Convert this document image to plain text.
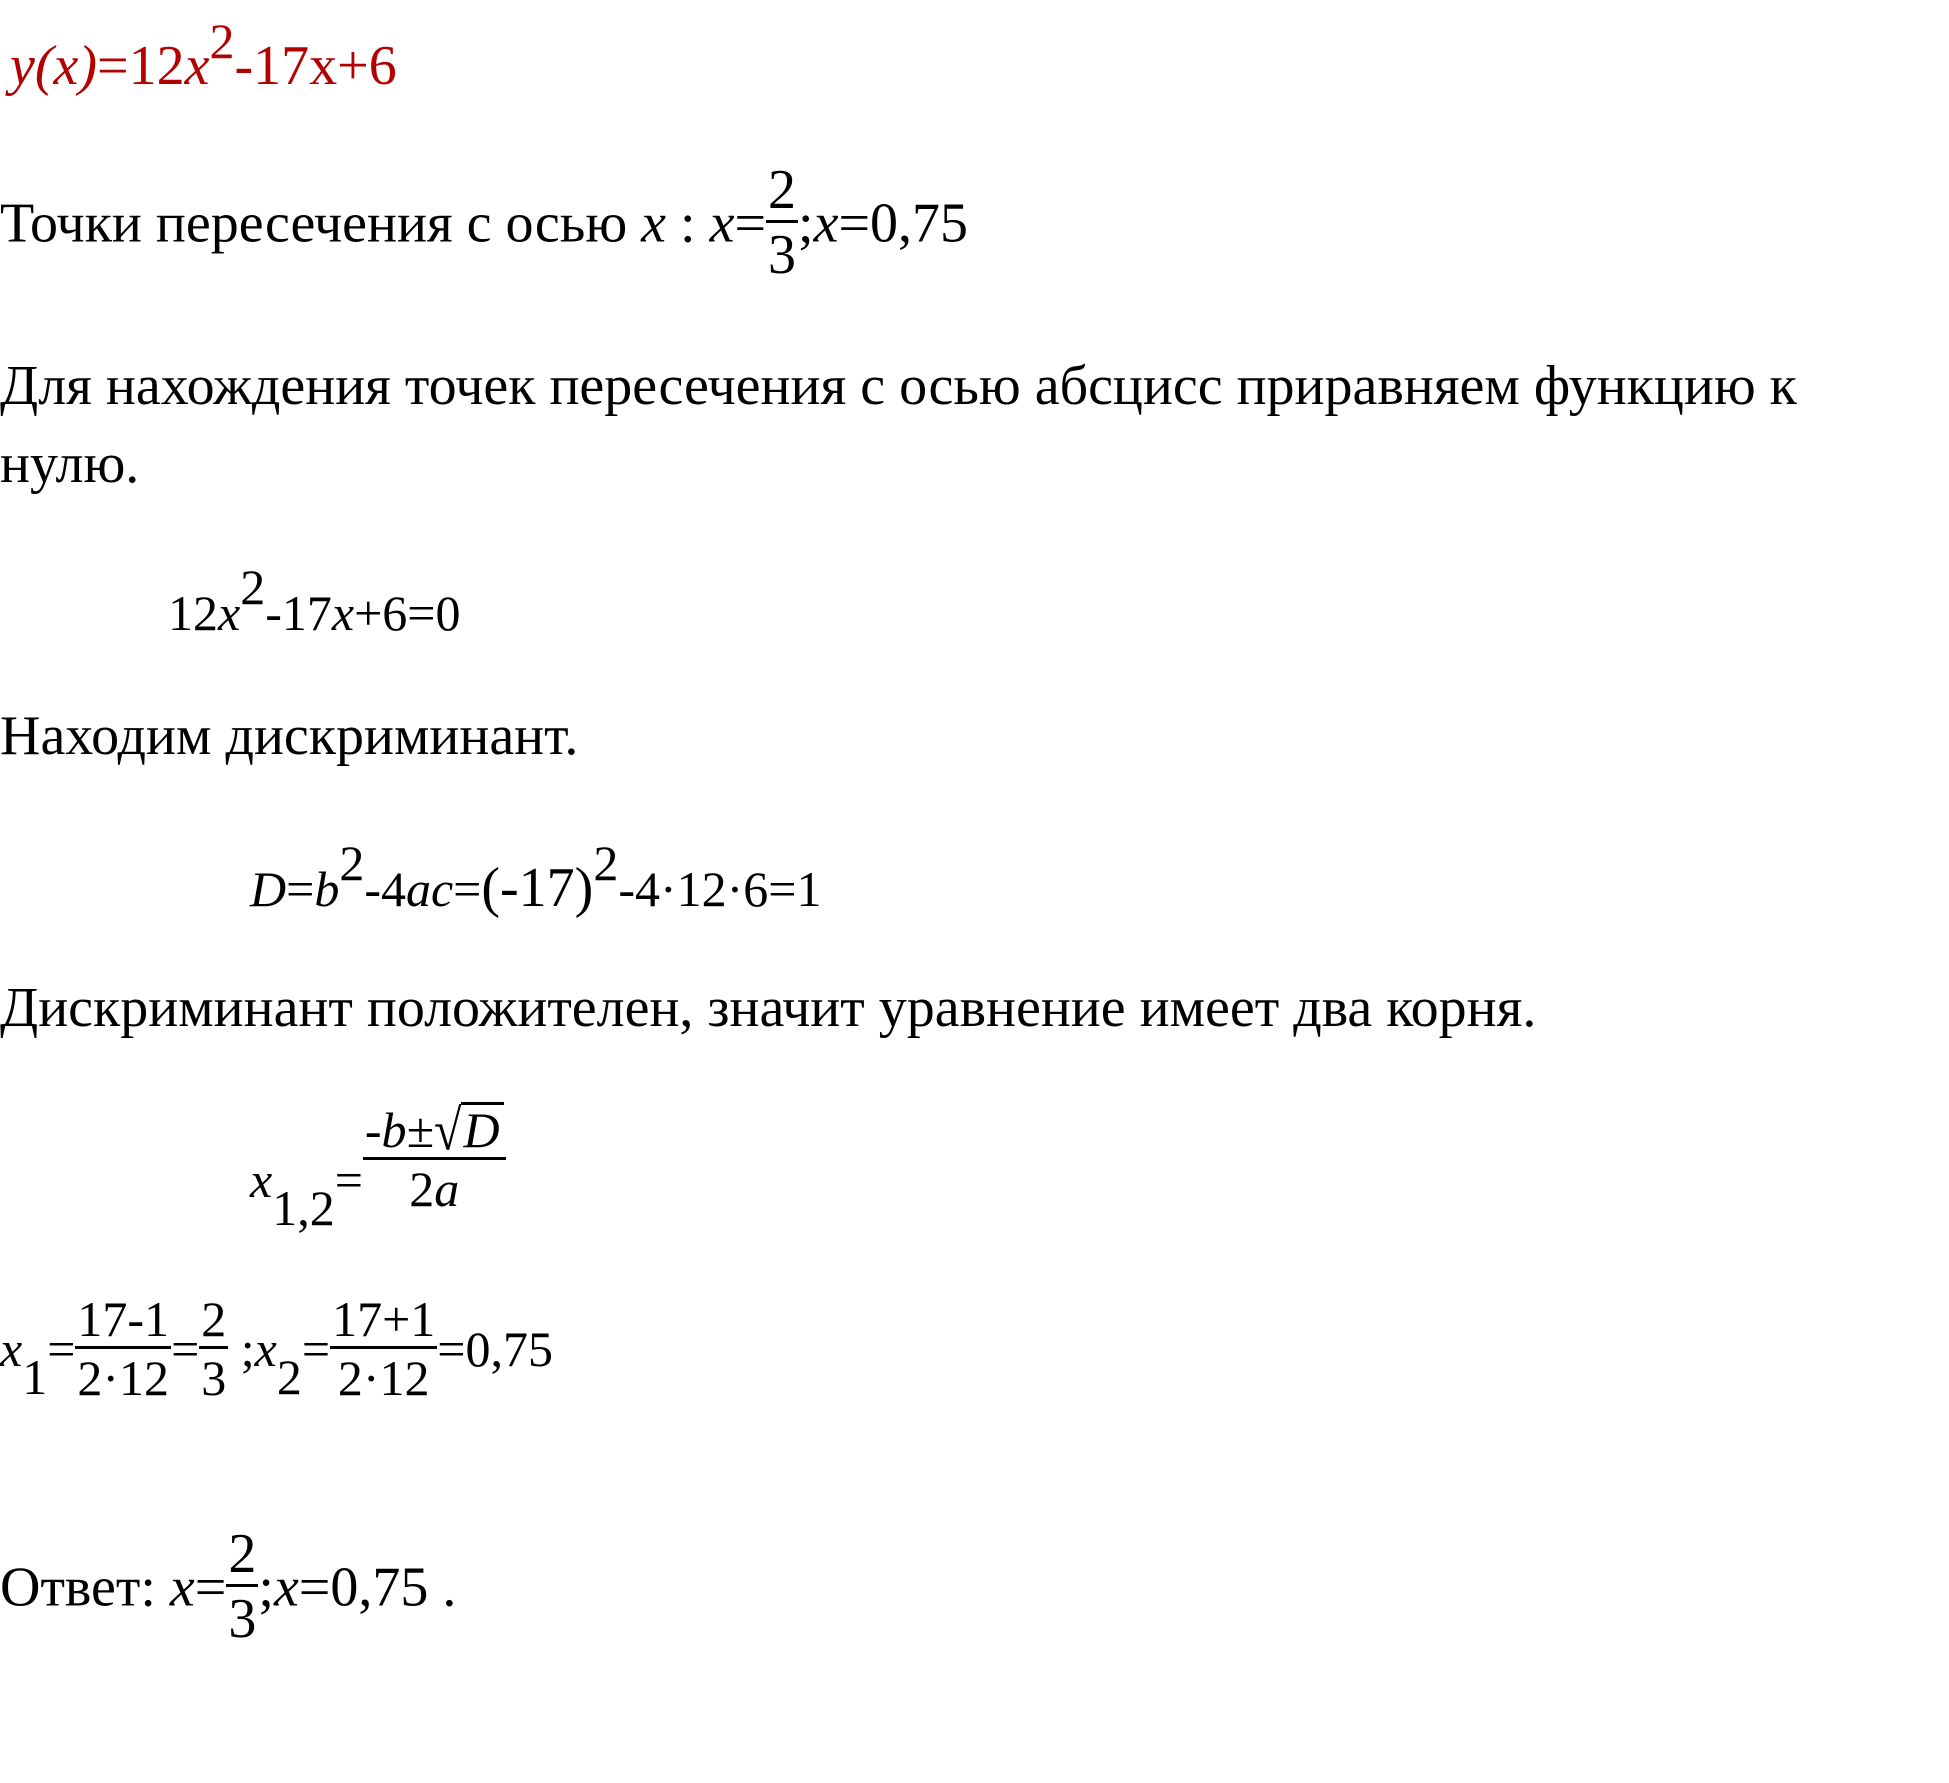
y(x)=12x2-17x+6
Точки пересечения с осью x : $x= \frac{2}{3}$ ;x=0,75
Для нахождения точек пересечения с осью абсцисс приравняем функцию к
нулю.
12x2-17x+6=0
Находим дискриминант.
D=b2-4ac=(-17)2-4·12·6=1
Дискриминант положителен, значит уравнение имеет два корня.
$x1,2= \frac{-b\pm√D}{2a}$
$x1= \frac{17-1}{2\cdot 12} = \frac{2}{3}$ ;x2= $\frac{17+1}{2\cdot 12} =0,75$
Ответ: $x= \frac{2}{3}$ ;x=0,75 .
